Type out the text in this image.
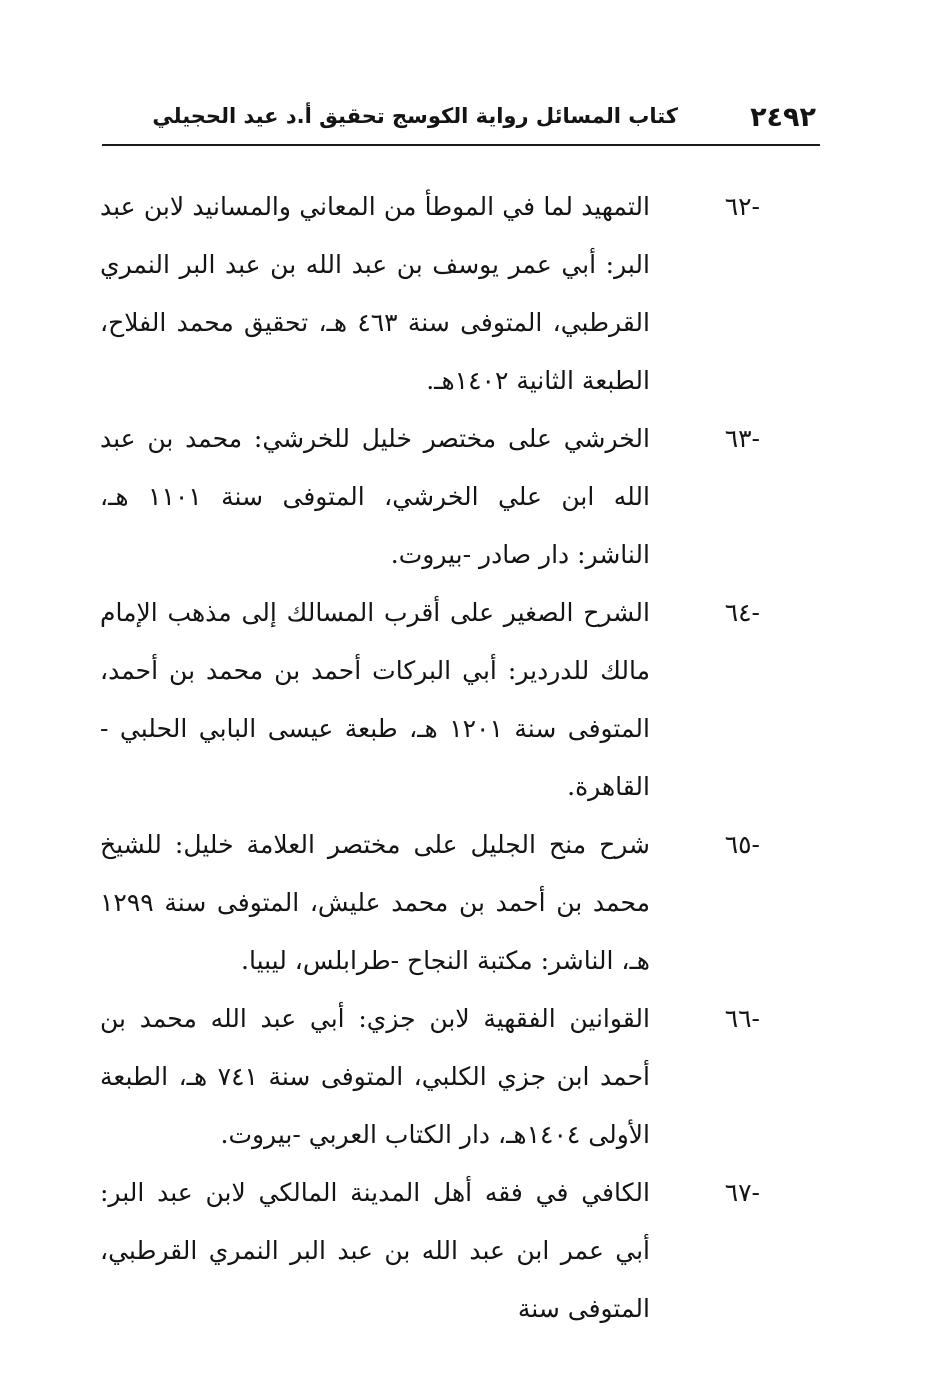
٢٤٩٢
كتاب المسائل رواية الكوسج تحقيق أ.د عيد الحجيلي
-٦٢
التمهيد لما في الموطأ من المعاني والمسانيد لابن عبد البر: أبي عمر يوسف بن عبد الله بن عبد البر النمري القرطبي، المتوفى سنة ٤٦٣ هـ، تحقيق محمد الفلاح، الطبعة الثانية ١٤٠٢هـ.
-٦٣
الخرشي على مختصر خليل للخرشي: محمد بن عبد الله ابن علي الخرشي، المتوفى سنة ١١٠١ هـ، الناشر: دار صادر -بيروت.
-٦٤
الشرح الصغير على أقرب المسالك إلى مذهب الإمام مالك للدردير: أبي البركات أحمد بن محمد بن أحمد، المتوفى سنة ١٢٠١ هـ، طبعة عيسى البابي الحلبي - القاهرة.
-٦٥
شرح منح الجليل على مختصر العلامة خليل: للشيخ محمد بن أحمد بن محمد عليش، المتوفى سنة ١٢٩٩ هـ، الناشر: مكتبة النجاح -طرابلس، ليبيا.
-٦٦
القوانين الفقهية لابن جزي: أبي عبد الله محمد بن أحمد ابن جزي الكلبي، المتوفى سنة ٧٤١ هـ، الطبعة الأولى ١٤٠٤هـ، دار الكتاب العربي -بيروت.
-٦٧
الكافي في فقه أهل المدينة المالكي لابن عبد البر: أبي عمر ابن عبد الله بن عبد البر النمري القرطبي، المتوفى سنة
